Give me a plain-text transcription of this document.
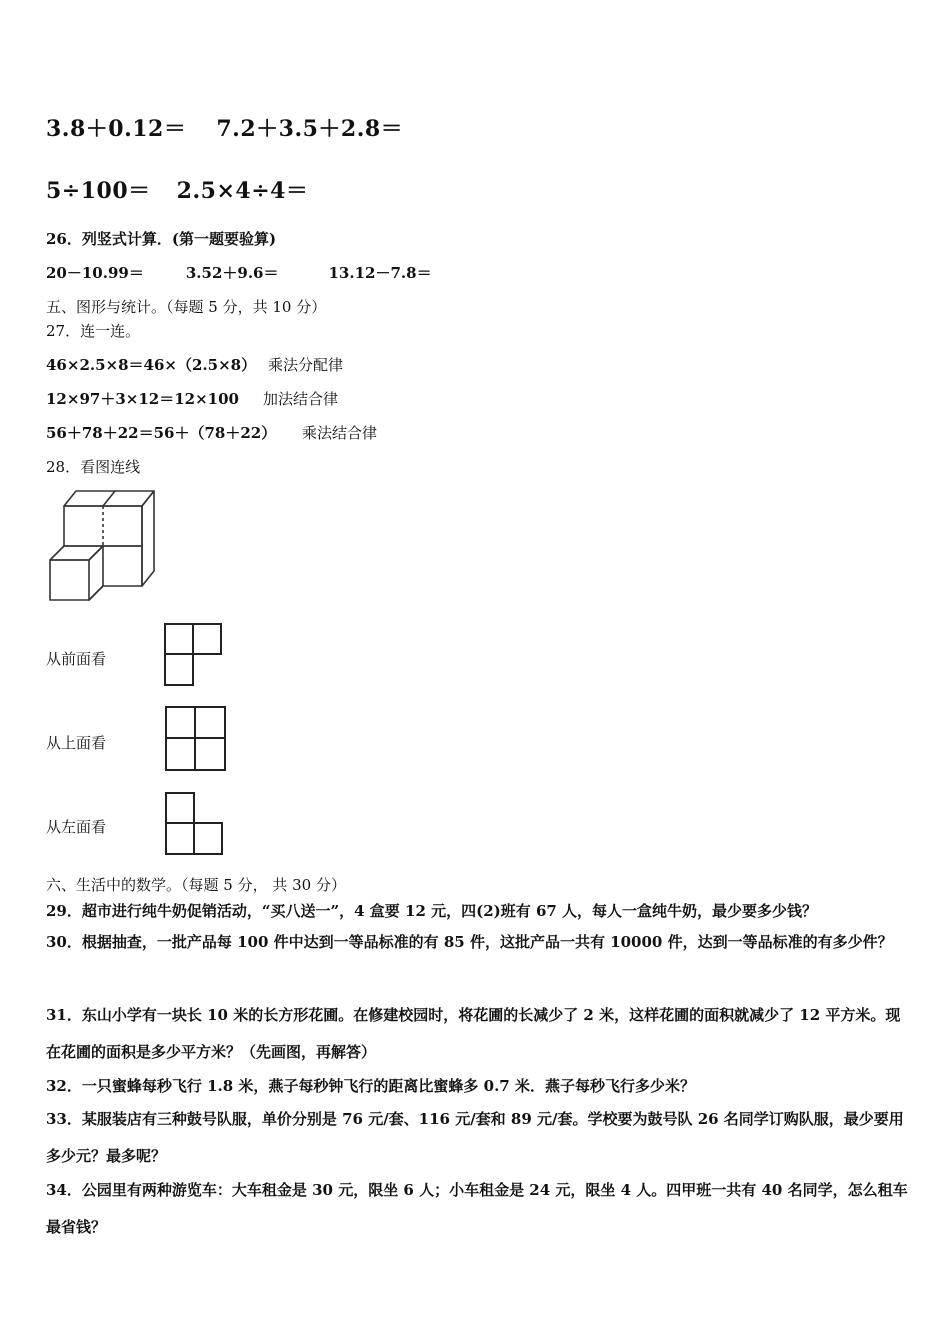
3.8＋0.12＝ 7.2＋3.5＋2.8＝
5÷100＝ 2.5×4÷4＝
26．列竖式计算．(第一题要验算)
20－10.99＝	3.52＋9.6＝	13.12－7.8＝
五、图形与统计。（每题 5 分，共 10 分）
27．连一连。
46×2.5×8＝46×（2.5×8） 乘法分配律
12×97＋3×12＝12×100 加法结合律
56＋78＋22＝56＋（78＋22） 乘法结合律
28．看图连线
从前面看
从上面看
从左面看
六、生活中的数学。（每题 5 分， 共 30 分）
29．超市进行纯牛奶促销活动，“买八送一”，4 盒要 12 元，四(2)班有 67 人，每人一盒纯牛奶，最少要多少钱？
30．根据抽查，一批产品每 100 件中达到一等品标准的有 85 件，这批产品一共有 10000 件，达到一等品标准的有多少件？
31．东山小学有一块长 10 米的长方形花圃。在修建校园时，将花圃的长减少了 2 米，这样花圃的面积就减少了 12 平方米。现在花圃的面积是多少平方米？（先画图，再解答）
32．一只蜜蜂每秒飞行 1.8 米，燕子每秒钟飞行的距离比蜜蜂多 0.7 米．燕子每秒飞行多少米？
33．某服装店有三种鼓号队服，单价分别是 76 元/套、116 元/套和 89 元/套。学校要为鼓号队 26 名同学订购队服，最少要用多少元？最多呢？
34．公园里有两种游览车：大车租金是 30 元，限坐 6 人；小车租金是 24 元，限坐 4 人。四甲班一共有 40 名同学，怎么租车最省钱？
